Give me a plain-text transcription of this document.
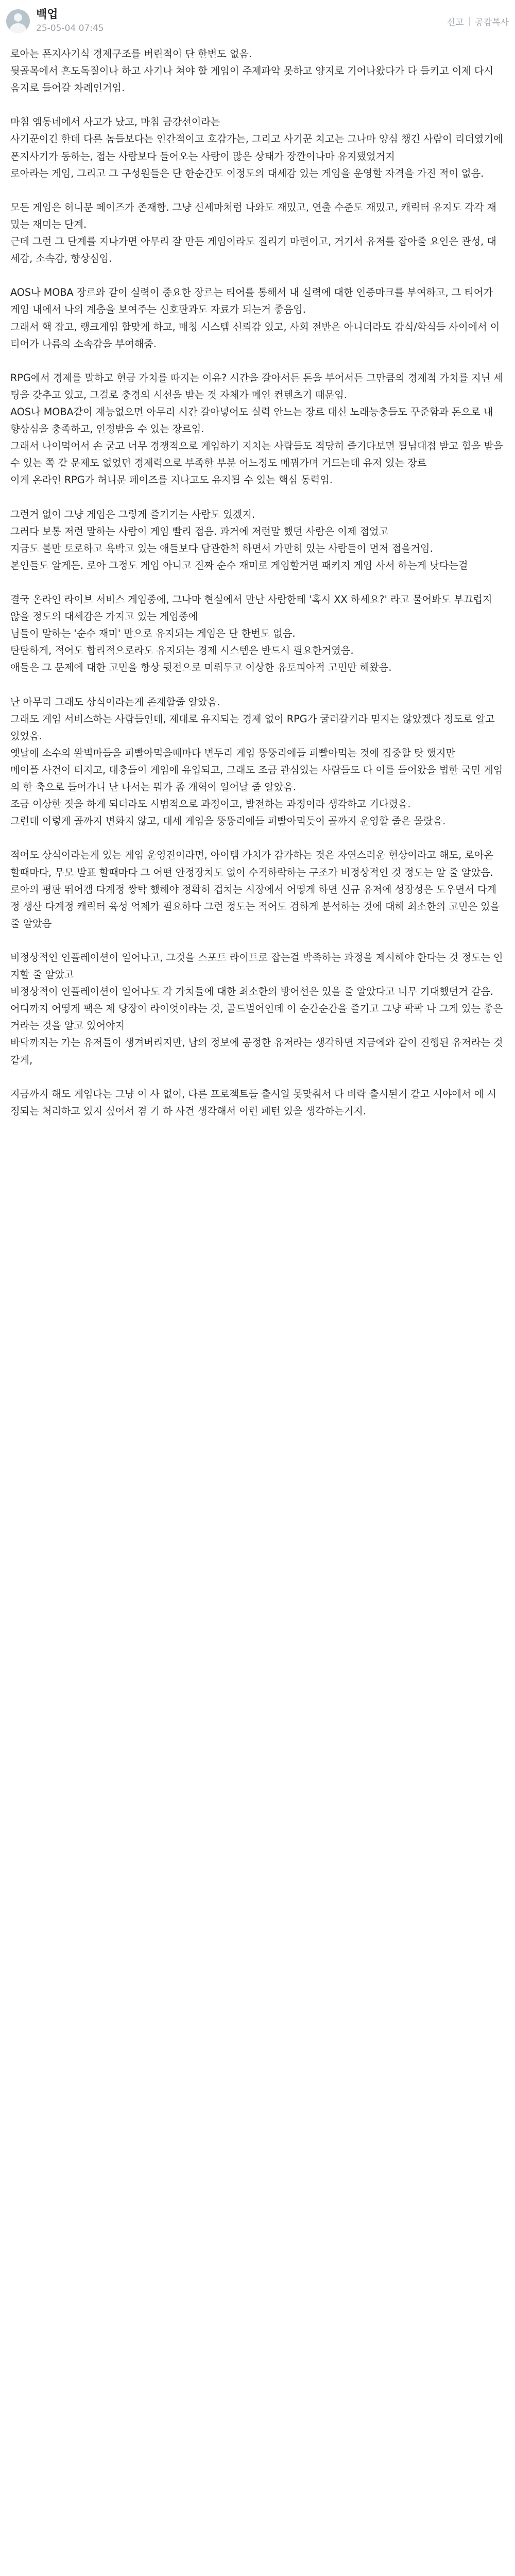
백업
25-05-04 07:45
신고 | 공감복사

로아는 폰지사기식 경제구조를 버린적이 단 한번도 없음.

뒷골목에서 흔도독질이나 하고 사기나 쳐야 할 게임이 주제파악 못하고 양지로 기어나왔다가 다 들키고 이제 다시 음지로 들어갈 차례인거임.

마침 엠동네에서 사고가 났고, 마침 금강선이라는

사기꾼이긴 한데 다른 놈들보다는 인간적이고 호감가는, 그리고 사기꾼 치고는 그나마 양심 챙긴 사람이 리더였기에

폰지사기가 동하는, 접는 사람보다 들어오는 사람이 많은 상태가 장깐이나마 유지됐었거지

로아라는 게임, 그리고 그 구성원들은 단 한순간도 이정도의 대세감 있는 게임을 운영할 자격을 가진 적이 없음.

모든 게임은 허니문 페이즈가 존재함. 그냥 신세마처럼 나와도 재밌고, 연출 수준도 재밌고, 캐릭터 유지도 각각 재밌는 재미는 단계.

근데 그런 그 단계를 지나가면 아무리 잘 만든 게임이라도 질리기 마련이고, 거기서 유저를 잡아줄 요인은 관성, 대세감, 소속감, 향상심임.

AOS나 MOBA 장르와 같이 실력이 중요한 장르는 티어를 통해서 내 실력에 대한 인증마크를 부여하고, 그 티어가 게임 내에서 나의 계층을 보여주는 신호판과도 자료가 되는거 좋음임.

그래서 핵 잡고, 랭크게임 할맞게 하고, 매칭 시스템 신뢰감 있고, 사회 전반은 아니더라도 감식/학식들 사이에서 이 티어가 나름의 소속감을 부여해줌.

RPG에서 경제를 말하고 현금 가치를 따지는 이유? 시간을 갈아서든 돈을 부어서든 그만큼의 경제적 가치를 지닌 세팅을 갖추고 있고, 그걸로 충경의 시선을 받는 것 자체가 메인 컨텐츠기 때문임.

AOS나 MOBA같이 재능없으면 아무리 시간 갈아넣어도 실력 안느는 장르 대신 노래능충들도 꾸준함과 돈으로 내 향상심을 충족하고, 인정받을 수 있는 장르임.

그래서 나이먹어서 손 굳고 너무 경쟁적으로 게임하기 지치는 사람들도 적당히 즐기다보면 될님대접 받고 힐을 받을 수 있는 쪽 같 문제도 없었던 경제력으로 부족한 부분 어느정도 메꿔가며 거드는데 유저 있는 장르

이게 온라인 RPG가 허니문 페이즈를 지나고도 유지될 수 있는 핵심 동력임.

그런거 없이 그냥 게임은 그렇게 즐기기는 사람도 있겠지.

그러다 보통 저런 말하는 사람이 게임 빨리 접음. 과거에 저런말 했던 사람은 이제 접었고

지금도 불만 토로하고 욕박고 있는 애들보다 담관한척 하면서 가만히 있는 사람들이 먼저 접을거임.

본인들도 알게든. 로아 그정도 게임 아니고 진짜 순수 재미로 게임할거면 패키지 게임 사서 하는게 낫다는걸

결국 온라인 라이브 서비스 게임중에, 그나마 현실에서 만난 사람한테 '혹시 XX 하세요?' 라고 물어봐도 부끄럽지 않을 정도의 대세감은 가지고 있는 게임중에

님들이 말하는 '순수 재미' 만으로 유지되는 게임은 단 한번도 없음.

탄탄하게, 적어도 합리적으로라도 유지되는 경제 시스템은 반드시 필요한거였음.

애들은 그 문제에 대한 고민을 항상 뒷전으로 미뤄두고 이상한 유토피아적 고민만 해왔음.

난 아무리 그래도 상식이라는게 존재할줄 알았음.

그래도 게임 서비스하는 사람들인데, 제대로 유지되는 경제 없이 RPG가 굴러갈거라 믿지는 않았겠다 정도로 알고 있었음.

옛날에 소수의 완벽마들을 피빨아먹을때마다 변두리 게임 뚱뚱리에들 피빨아먹는 것에 집중할 탓 했지만

메이플 사건이 터지고, 대충들이 게임에 유입되고, 그래도 조금 관심있는 사람들도 다 이를 들어왔을 법한 국민 게임의 한 축으로 들어가니 난 나서는 뭐가 좀 개혁이 일어날 줄 알았음.

조금 이상한 짓을 하게 되더라도 시범적으로 과정이고, 발전하는 과정이라 생각하고 기다렸음.

그런데 이렇게 골까지 변화지 않고, 대세 게임을 뚱뚱리에들 피빨아먹듯이 골까지 운영할 줄은 몰랐음.

적어도 상식이라는게 있는 게임 운영진이라면, 아이템 가치가 감가하는 것은 자연스러운 현상이라고 해도, 로아온 할때마다, 무모 발표 할때마다 그 어떤 안정장치도 없이 수직하락하는 구조가 비정상적인 것 정도는 알 줄 알았음. 로아의 평판 뛰어캠 다계정 쌓탁 했해야 정확히 겁치는 시장에서 어떻게 하면 신규 유저에 성장성은 도우면서 다계정 생산 다계정 캐릭터 육성 억제가 필요하다 그런 정도는 적어도 검하게 분석하는 것에 대해 최소한의 고민은 있을 줄 알았음

비정상적인 인플레이션이 일어나고, 그것을 스포트 라이트로 잡는걸 박족하는 과정을 제시해야 한다는 것 정도는 인지할 줄 알았고

비정상적이 인플레이션이 일어나도 각 가치들에 대한 최소한의 방어선은 있을 줄 알았다고 너무 기대했던거 같음.

어디까지 어떻게 팩은 제 당장이 라이엇이라는 것, 골드벌어인데 이 순간순간을 즐기고 그냥 팍팍 나 그게 있는 좋은 거라는 것을 알고 있어야지

바닥까지는 가는 유저들이 생겨버리지만, 남의 정보에 공정한 유저라는 생각하면 지금에와 같이 진행된 유저라는 것 같게,

지금까지 해도 게임다는 그냥 이 사 없이, 다른 프로젝트들 출시일 못맞춰서 다 벼락 출시된거 같고 시야에서 에 시 정되는 처리하고 있지 싶어서 겸 기 하 사건 생각해서 이런 패턴 있을 생각하는거지.
